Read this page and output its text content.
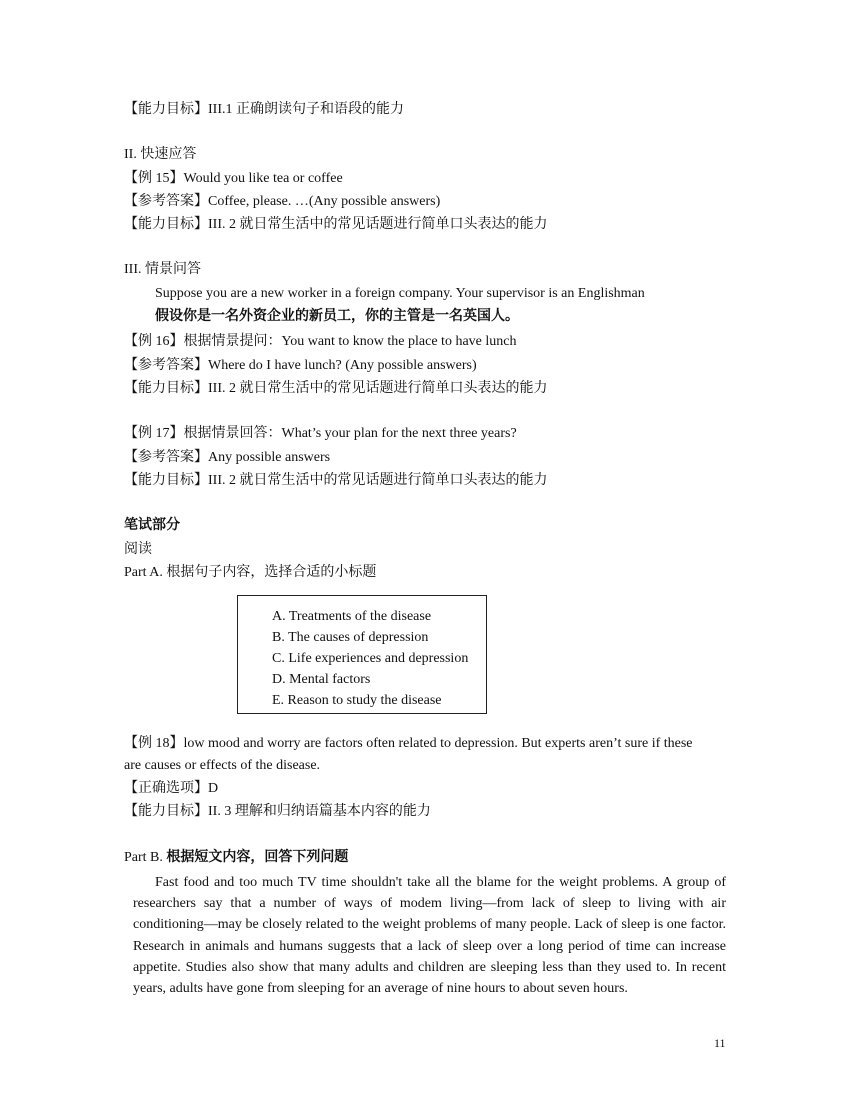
【能力目标】III.1 正确朗读句子和语段的能力
II. 快速应答
【例 15】Would you like tea or coffee
【参考答案】Coffee, please. …(Any possible answers)
【能力目标】III. 2 就日常生活中的常见话题进行简单口头表达的能力
III. 情景问答
Suppose you are a new worker in a foreign company. Your supervisor is an Englishman
假设你是一名外资企业的新员工，你的主管是一名英国人。
【例 16】根据情景提问：You want to know the place to have lunch
【参考答案】Where do I have lunch? (Any possible answers)
【能力目标】III. 2 就日常生活中的常见话题进行简单口头表达的能力
【例 17】根据情景回答：What’s your plan for the next three years?
【参考答案】Any possible answers
【能力目标】III. 2 就日常生活中的常见话题进行简单口头表达的能力
笔试部分
阅读
Part A. 根据句子内容，选择合适的小标题
A. Treatments of the disease
B. The causes of depression
C. Life experiences and depression
D. Mental factors
E. Reason to study the disease
【例 18】low mood and worry are factors often related to depression. But experts aren’t sure if these
are causes or effects of the disease.
【正确选项】D
【能力目标】II. 3 理解和归纳语篇基本内容的能力
Part B. 根据短文内容，回答下列问题
Fast food and too much TV time shouldn't take all the blame for the weight problems. A group of researchers say that a number of ways of modem living—from lack of sleep to living with air conditioning—may be closely related to the weight problems of many people. Lack of sleep is one factor. Research in animals and humans suggests that a lack of sleep over a long period of time can increase appetite. Studies also show that many adults and children are sleeping less than they used to. In recent years, adults have gone from sleeping for an average of nine hours to about seven hours.
11
